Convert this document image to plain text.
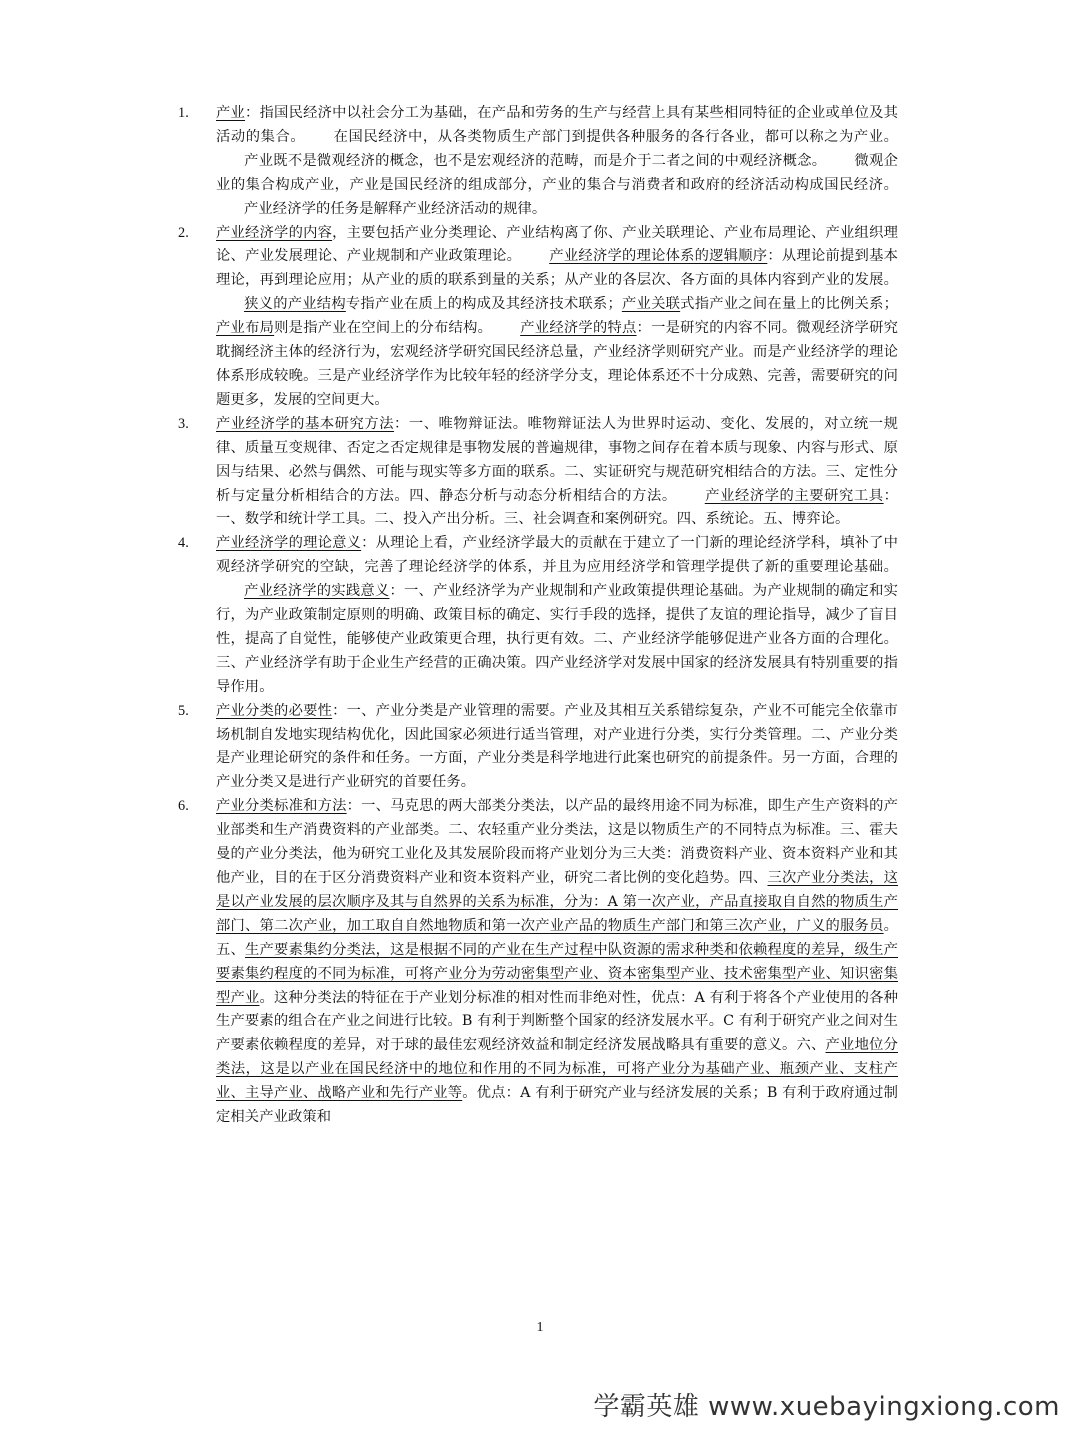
1. 产业：指国民经济中以社会分工为基础，在产品和劳务的生产与经营上具有某些相同特征的企业或单位及其活动的集合。 在国民经济中，从各类物质生产部门到提供各种服务的各行各业，都可以称之为产业。产业既不是微观经济的概念，也不是宏观经济的范畴，而是介于二者之间的中观经济概念。 微观企业的集合构成产业，产业是国民经济的组成部分，产业的集合与消费者和政府的经济活动构成国民经济。产业经济学的任务是解释产业经济活动的规律。
2. 产业经济学的内容，主要包括产业分类理论、产业结构离了你、产业关联理论、产业布局理论、产业组织理论、产业发展理论、产业规制和产业政策理论。 产业经济学的理论体系的逻辑顺序：从理论前提到基本理论，再到理论应用；从产业的质的联系到量的关系；从产业的各层次、各方面的具体内容到产业的发展。狭义的产业结构专指产业在质上的构成及其经济技术联系；产业关联式指产业之间在量上的比例关系；产业布局则是指产业在空间上的分布结构。 产业经济学的特点：一是研究的内容不同。微观经济学研究耽搁经济主体的经济行为，宏观经济学研究国民经济总量，产业经济学则研究产业。而是产业经济学的理论体系形成较晚。三是产业经济学作为比较年轻的经济学分支，理论体系还不十分成熟、完善，需要研究的问题更多，发展的空间更大。
3. 产业经济学的基本研究方法：一、唯物辩证法。唯物辩证法人为世界时运动、变化、发展的，对立统一规律、质量互变规律、否定之否定规律是事物发展的普遍规律，事物之间存在着本质与现象、内容与形式、原因与结果、必然与偶然、可能与现实等多方面的联系。二、实证研究与规范研究相结合的方法。三、定性分析与定量分析相结合的方法。四、静态分析与动态分析相结合的方法。 产业经济学的主要研究工具：一、数学和统计学工具。二、投入产出分析。三、社会调查和案例研究。四、系统论。五、博弈论。
4. 产业经济学的理论意义：从理论上看，产业经济学最大的贡献在于建立了一门新的理论经济学科，填补了中观经济学研究的空缺，完善了理论经济学的体系，并且为应用经济学和管理学提供了新的重要理论基础。产业经济学的实践意义：一、产业经济学为产业规制和产业政策提供理论基础。为产业规制的确定和实行，为产业政策制定原则的明确、政策目标的确定、实行手段的选择，提供了友谊的理论指导，减少了盲目性，提高了自觉性，能够使产业政策更合理，执行更有效。二、产业经济学能够促进产业各方面的合理化。三、产业经济学有助于企业生产经营的正确决策。四产业经济学对发展中国家的经济发展具有特别重要的指导作用。
5. 产业分类的必要性：一、产业分类是产业管理的需要。产业及其相互关系错综复杂，产业不可能完全依靠市场机制自发地实现结构优化，因此国家必须进行适当管理，对产业进行分类，实行分类管理。二、产业分类是产业理论研究的条件和任务。一方面，产业分类是科学地进行此案也研究的前提条件。另一方面，合理的产业分类又是进行产业研究的首要任务。
6. 产业分类标准和方法：一、马克思的两大部类分类法，以产品的最终用途不同为标准，即生产生产资料的产业部类和生产消费资料的产业部类。二、农轻重产业分类法，这是以物质生产的不同特点为标准。三、霍夫曼的产业分类法，他为研究工业化及其发展阶段而将产业划分为三大类：消费资料产业、资本资料产业和其他产业，目的在于区分消费资料产业和资本资料产业，研究二者比例的变化趋势。四、三次产业分类法，这是以产业发展的层次顺序及其与自然界的关系为标准，分为：A 第一次产业，产品直接取自自然的物质生产部门、第二次产业，加工取自自然地物质和第一次产业产品的物质生产部门和第三次产业，广义的服务员。五、生产要素集约分类法，这是根据不同的产业在生产过程中队资源的需求种类和依赖程度的差异，级生产要素集约程度的不同为标准，可将产业分为劳动密集型产业、资本密集型产业、技术密集型产业、知识密集型产业。这种分类法的特征在于产业划分标准的相对性而非绝对性，优点：A 有利于将各个产业使用的各种生产要素的组合在产业之间进行比较。B 有利于判断整个国家的经济发展水平。C 有利于研究产业之间对生产要素依赖程度的差异，对于球的最佳宏观经济效益和制定经济发展战略具有重要的意义。六、产业地位分类法，这是以产业在国民经济中的地位和作用的不同为标准，可将产业分为基础产业、瓶颈产业、支柱产业、主导产业、战略产业和先行产业等。优点：A 有利于研究产业与经济发展的关系；B 有利于政府通过制定相关产业政策和
1
学霸英雄 www.xuebayingxiong.com
